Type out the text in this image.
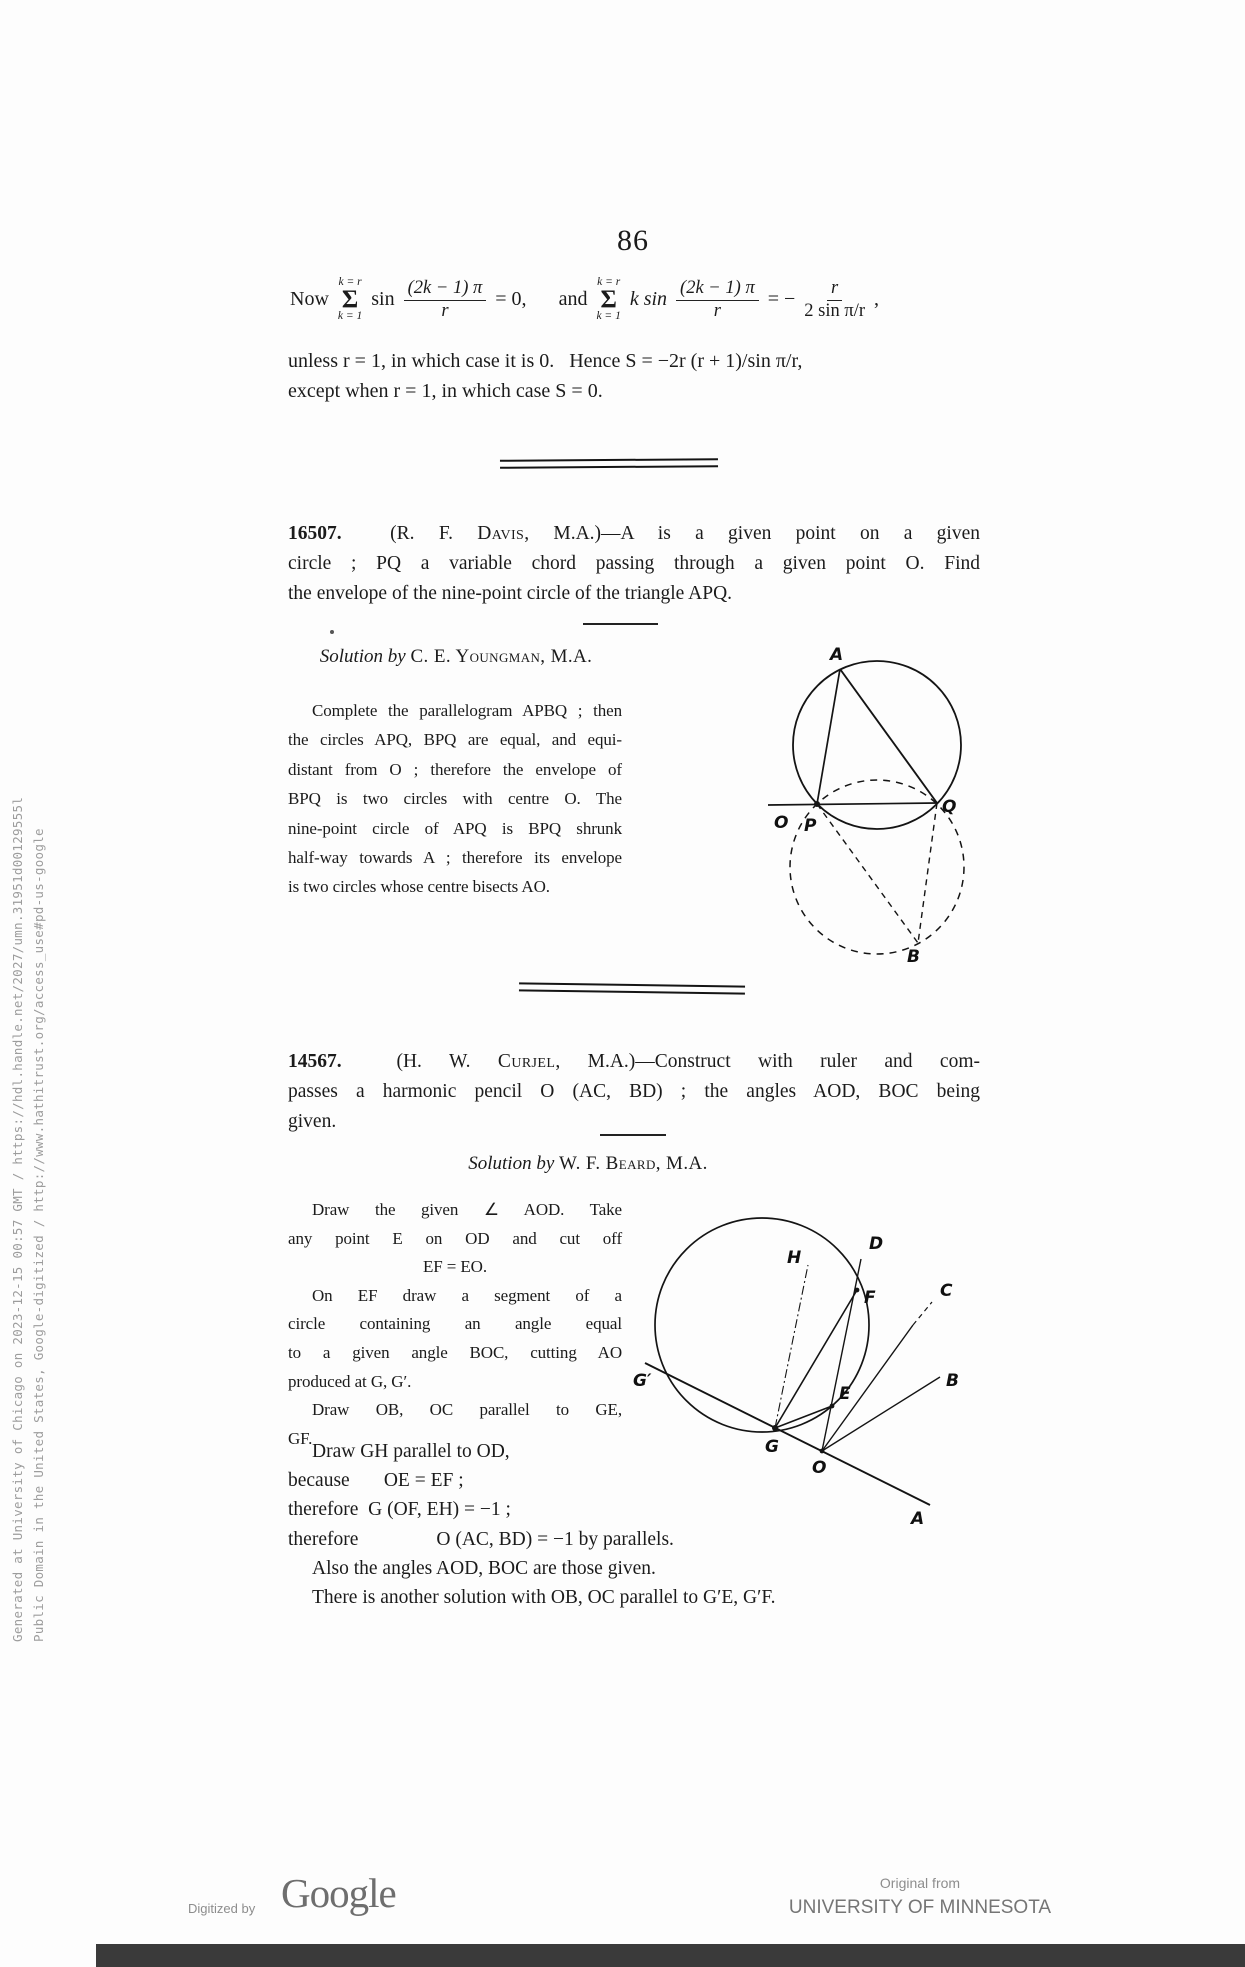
86
Now
k = r
Σ
k = 1
$\sin \frac{(2k - 1) \pi}{r} = 0$, and
k = r
Σ
k = 1
k $\sin \frac{(2k - 1) \pi}{r}$ = − $\frac{r}{\text{2 sin π/r}}$ ,
unless r = 1, in which case it is 0.   Hence S = −2r (r + 1)/sin π/r,
except when r = 1, in which case S = 0.
16507.  (R. F. Davis, M.A.)—A is a given point on a given
circle ; PQ a variable chord passing through a given point O. Find
the envelope of the nine-point circle of the triangle APQ.
Solution by C. E. Youngman, M.A.
Complete the parallelogram APBQ ; then
the circles APQ, BPQ are equal, and equi-
distant from O ; therefore the envelope of
BPQ is two circles with centre O. The
nine-point circle of APQ is BPQ shrunk
half-way towards A ; therefore its envelope
is two circles whose centre bisects AO.
A
O P
Q
B
14567.  (H. W. Curjel, M.A.)—Construct with ruler and com-
passes a harmonic pencil O (AC, BD) ; the angles AOD, BOC being
given.
Solution by W. F. Beard, M.A.
Draw the given ∠ AOD. Take
any point E on OD and cut off
EF = EO.
On EF draw a segment of a
circle containing an angle equal
to a given angle BOC, cutting AO
produced at G, G′.
Draw OB, OC parallel to GE,
GF.
Draw GH parallel to OD,
because       OE = EF ;
therefore  G (OF, EH) = −1 ;
therefore                O (AC, BD) = −1 by parallels.
Also the angles AOD, BOC are those given.
There is another solution with OB, OC parallel to G′E, G′F.
D
H
F	C
G′
E
B
G
O
A
Generated at University of Chicago on 2023-12-15 00:57 GMT / https://hdl.handle.net/2027/umn.31951d00129555l Public Domain in the United States, Google-digitized / http://www.hathitrust.org/access_use#pd-us-google
Digitized by Google	Original from
UNIVERSITY OF MINNESOTA
